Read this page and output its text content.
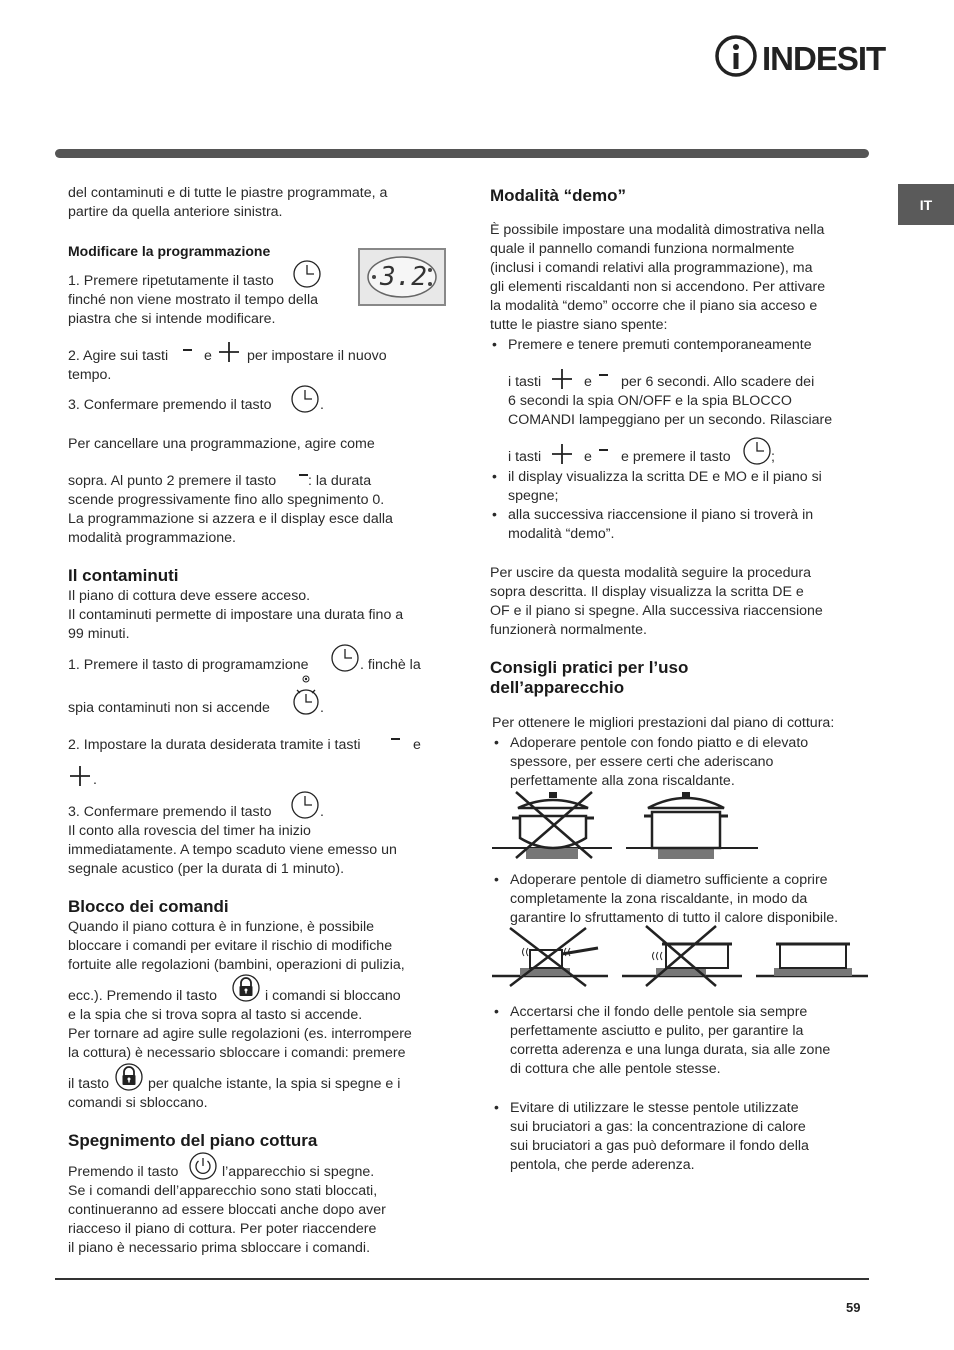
INDESIT
IT
del contaminuti e di tutte le piastre programmate, a
partire da quella anteriore sinistra.
Modificare la programmazione
1. Premere ripetutamente il tasto
finché non viene mostrato il tempo della
piastra che si intende modificare.
3.2
2. Agire sui tasti	e per impostare il nuovo
tempo.
3. Confermare premendo il tasto	.
Per cancellare una programmazione, agire come
sopra. Al punto 2 premere il tasto : la durata
scende progressivamente fino allo spegnimento 0.
La programmazione si azzera e il display esce dalla
modalità programmazione.
Il contaminuti
Il piano di cottura deve essere acceso.
Il contaminuti permette di impostare una durata fino a
99 minuti.
1. Premere il tasto di programamzione	. finchè la
spia contaminuti non si accende	.
2. Impostare la durata desiderata tramite i tasti	e
.
3. Confermare premendo il tasto	.
Il conto alla rovescia del timer ha inizio
immediatamente. A tempo scaduto viene emesso un
segnale acustico (per la durata di 1 minuto).
Blocco dei comandi
Quando il piano cottura è in funzione, è possibile
bloccare i comandi per evitare il rischio di modifiche
fortuite alle regolazioni (bambini, operazioni di pulizia,
ecc.). Premendo il tasto	i comandi si bloccano
e la spia che si trova sopra al tasto si accende.
Per tornare ad agire sulle regolazioni (es. interrompere
la cottura) è necessario sbloccare i comandi: premere
il tasto	per qualche istante, la spia si spegne e i
comandi si sbloccano.
Spegnimento del piano cottura
Premendo il tasto	l’apparecchio si spegne.
Se i comandi dell’apparecchio sono stati bloccati,
continueranno ad essere bloccati anche dopo aver
riacceso il piano di cottura. Per poter riaccendere
il piano è necessario prima sbloccare i comandi.
Modalità “demo”
È possibile impostare una modalità dimostrativa nella
quale il pannello comandi funziona normalmente
(inclusi i comandi relativi alla programmazione), ma
gli elementi riscaldanti non si accendono. Per attivare
la modalità “demo” occorre che il piano sia acceso e
tutte le piastre siano spente:
• Premere e tenere premuti contemporaneamente
i tasti	e per 6 secondi. Allo scadere dei
6 secondi la spia ON/OFF e la spia BLOCCO
COMANDI lampeggiano per un secondo. Rilasciare
i tasti	e e premere il tasto	;
• il display visualizza la scritta DE e MO e il piano si
spegne;
• alla successiva riaccensione il piano si troverà in
modalità “demo”.
Per uscire da questa modalità seguire la procedura
sopra descritta. Il display visualizza la scritta DE e
OF e il piano si spegne. Alla successiva riaccensione
funzionerà normalmente.
Consigli pratici per l’uso
dell’apparecchio
Per ottenere le migliori prestazioni dal piano di cottura:
• Adoperare pentole con fondo piatto e di elevato
spessore, per essere certi che aderiscano
perfettamente alla zona riscaldante.
• Adoperare pentole di diametro sufficiente a coprire
completamente la zona riscaldante, in modo da
garantire lo sfruttamento di tutto il calore disponibile.
• Accertarsi che il fondo delle pentole sia sempre
perfettamente asciutto e pulito, per garantire la
corretta aderenza e una lunga durata, sia alle zone
di cottura che alle pentole stesse.
• Evitare di utilizzare le stesse pentole utilizzate
sui bruciatori a gas: la concentrazione di calore
sui bruciatori a gas può deformare il fondo della
pentola, che perde aderenza.
59
